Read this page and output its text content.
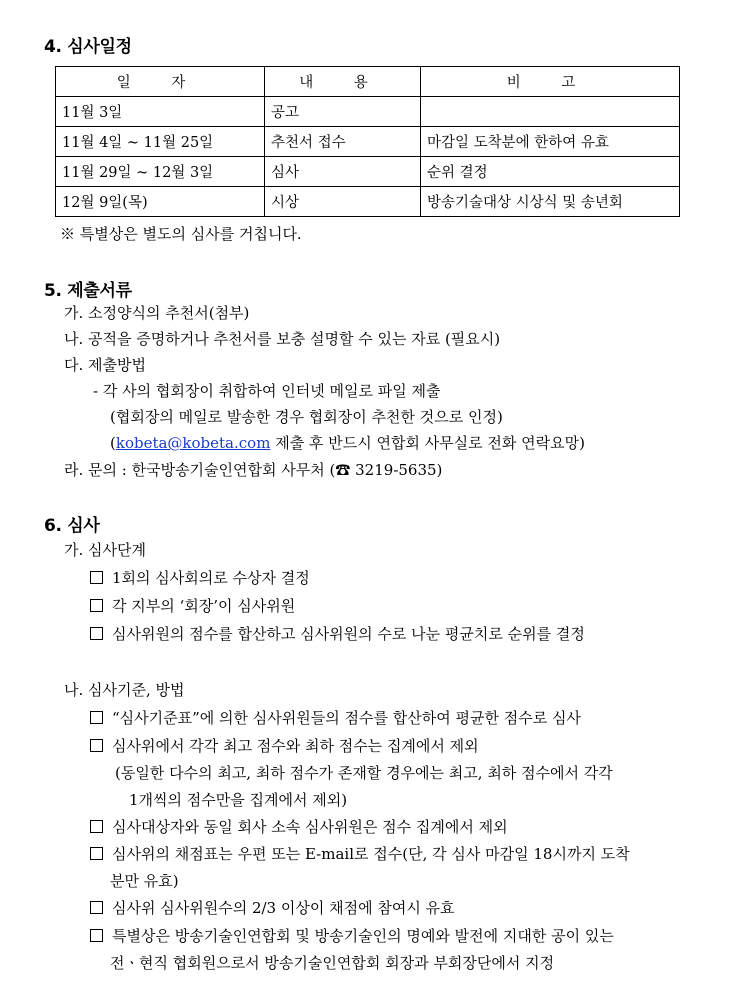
4. 심사일정
일 자	내 용	비 고
11월 3일	공고	
11월 4일 ~ 11월 25일	추천서 접수	마감일 도착분에 한하여 유효
11월 29일 ~ 12월 3일	심사	순위 결정
12월 9일(목)	시상	방송기술대상 시상식 및 송년회
※ 특별상은 별도의 심사를 거칩니다.
5. 제출서류
가. 소정양식의 추천서(첨부)
나. 공적을 증명하거나 추천서를 보충 설명할 수 있는 자료 (필요시)
다. 제출방법
- 각 사의 협회장이 취합하여 인터넷 메일로 파일 제출
(협회장의 메일로 발송한 경우 협회장이 추천한 것으로 인정)
(kobeta@kobeta.com 제출 후 반드시 연합회 사무실로 전화 연락요망)
라. 문의 : 한국방송기술인연합회 사무처 (☎ 3219-5635)
6. 심사
가. 심사단계
1회의 심사회의로 수상자 결정
각 지부의 ‘회장’이 심사위원
심사위원의 점수를 합산하고 심사위원의 수로 나눈 평균치로 순위를 결정
나. 심사기준, 방법
“심사기준표”에 의한 심사위원들의 점수를 합산하여 평균한 점수로 심사
심사위에서 각각 최고 점수와 최하 점수는 집계에서 제외
(동일한 다수의 최고, 최하 점수가 존재할 경우에는 최고, 최하 점수에서 각각
1개씩의 점수만을 집계에서 제외)
심사대상자와 동일 회사 소속 심사위원은 점수 집계에서 제외
심사위의 채점표는 우편 또는 E-mail로 접수(단, 각 심사 마감일 18시까지 도착
분만 유효)
심사위 심사위원수의 2/3 이상이 채점에 참여시 유효
특별상은 방송기술인연합회 및 방송기술인의 명예와 발전에 지대한 공이 있는
전ㆍ현직 협회원으로서 방송기술인연합회 회장과 부회장단에서 지정
